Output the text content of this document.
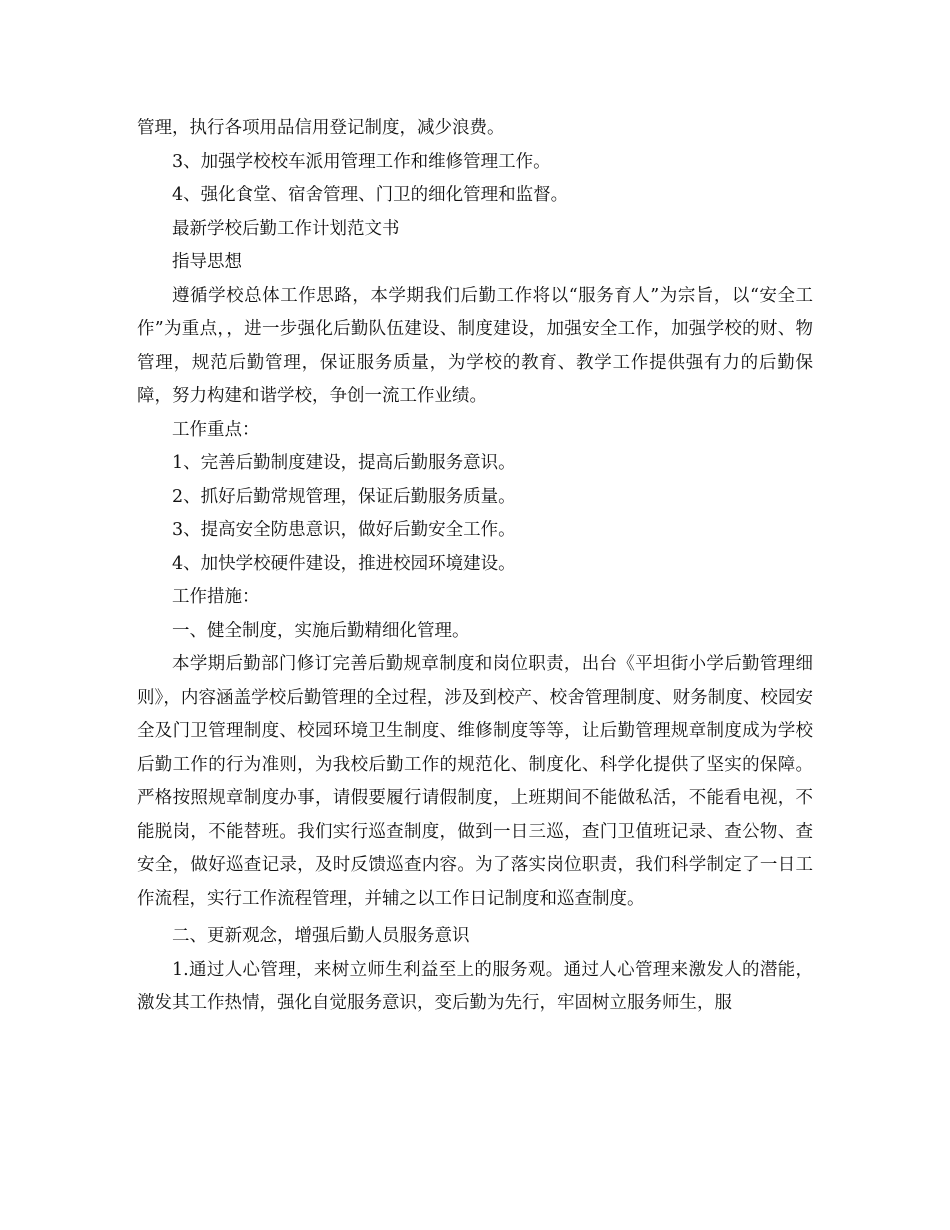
管理，执行各项用品信用登记制度，减少浪费。

3、加强学校校车派用管理工作和维修管理工作。

4、强化食堂、宿舍管理、门卫的细化管理和监督。

最新学校后勤工作计划范文书

指导思想

遵循学校总体工作思路，本学期我们后勤工作将以“服务育人”为宗旨，以“安全工作”为重点，，进一步强化后勤队伍建设、制度建设，加强安全工作，加强学校的财、物管理，规范后勤管理，保证服务质量，为学校的教育、教学工作提供强有力的后勤保障，努力构建和谐学校，争创一流工作业绩。

工作重点：

1、完善后勤制度建设，提高后勤服务意识。

2、抓好后勤常规管理，保证后勤服务质量。

3、提高安全防患意识，做好后勤安全工作。

4、加快学校硬件建设，推进校园环境建设。

工作措施：

一、健全制度，实施后勤精细化管理。

本学期后勤部门修订完善后勤规章制度和岗位职责，出台《平坦街小学后勤管理细则》，内容涵盖学校后勤管理的全过程，涉及到校产、校舍管理制度、财务制度、校园安全及门卫管理制度、校园环境卫生制度、维修制度等等，让后勤管理规章制度成为学校后勤工作的行为准则，为我校后勤工作的规范化、制度化、科学化提供了坚实的保障。严格按照规章制度办事，请假要履行请假制度，上班期间不能做私活，不能看电视，不能脱岗，不能替班。我们实行巡查制度，做到一日三巡，查门卫值班记录、查公物、查安全，做好巡查记录，及时反馈巡查内容。为了落实岗位职责，我们科学制定了一日工作流程，实行工作流程管理，并辅之以工作日记制度和巡查制度。

二、更新观念，增强后勤人员服务意识

1.通过人心管理，来树立师生利益至上的服务观。通过人心管理来激发人的潜能，激发其工作热情，强化自觉服务意识，变后勤为先行，牢固树立服务师生，服
